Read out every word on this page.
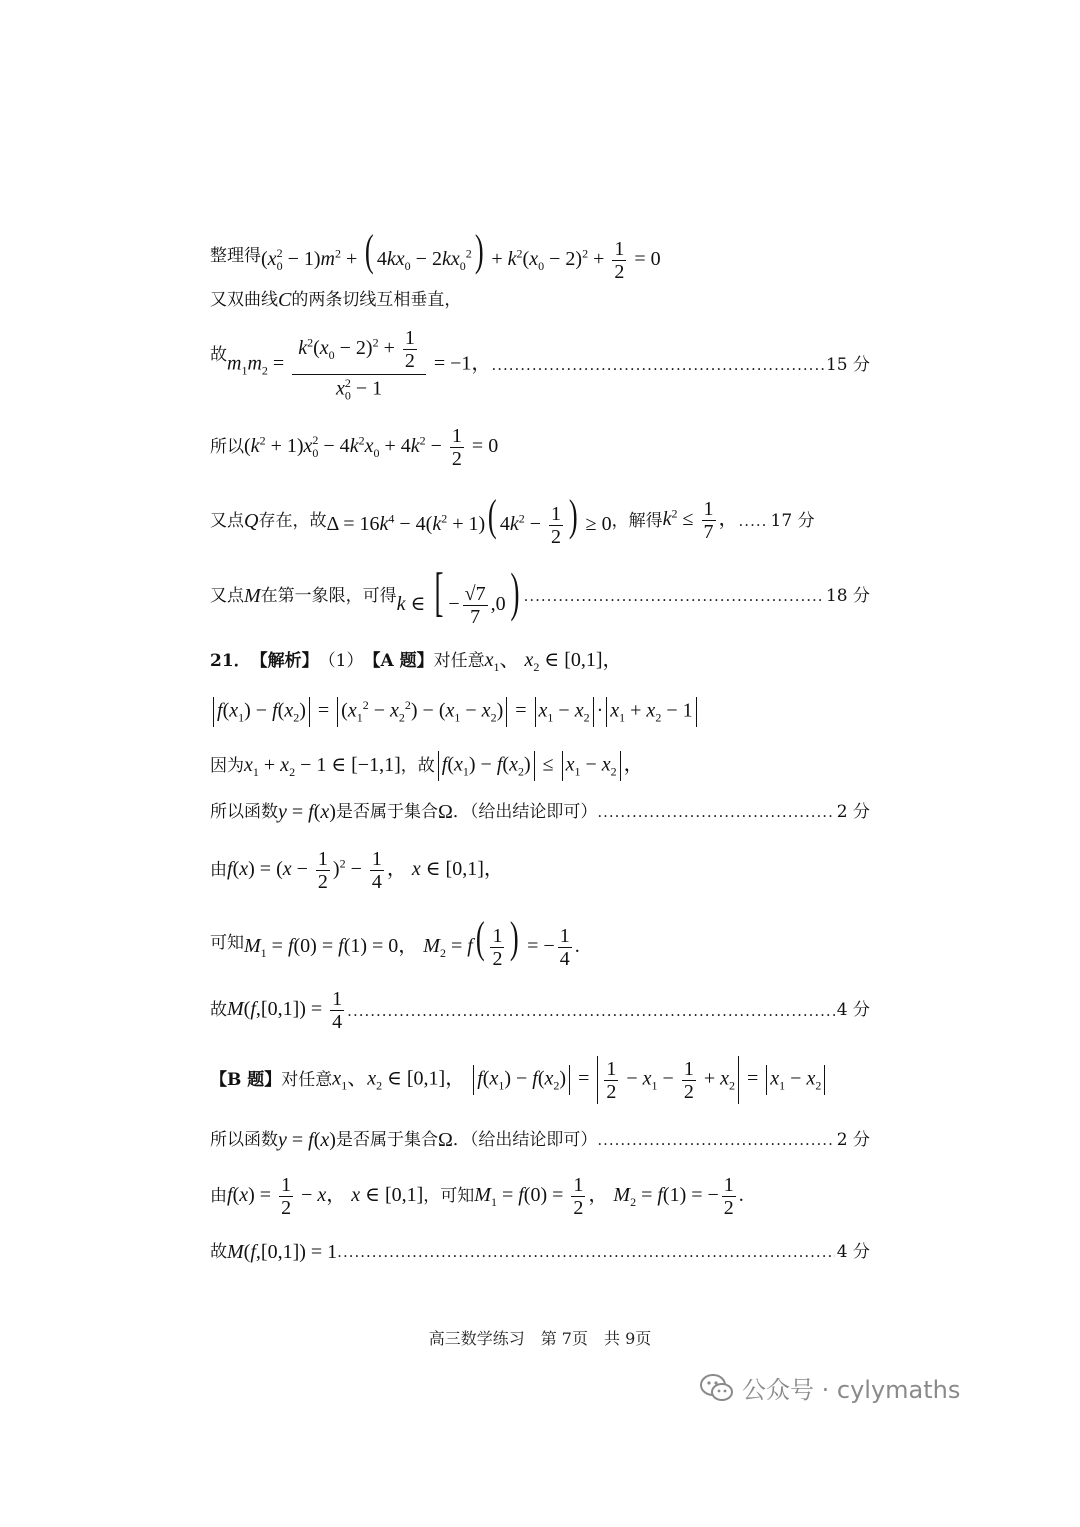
整理得 $(x_0^2 - 1)m^2$ + ( $4kx_0 - 2kx_0^2) + k^2(x_0 - 2)^2 + \frac{1}{2} = 0$
又双曲线 C 的两条切线互相垂直，
故 $m_1m_2 = \frac{k^2(x_0 - 2)^2 + \frac{1}{2}}{x_0^2 - 1} = -1$， .....	15 分
所以 $(k^2 + 1)x_0^2 - 4k^2x_0 + 4k^2 - \frac{1}{2} = 0$
又点 Q 存在，故 $\Delta = 16k^4 - 4(k^2 + 1)$( $4k^2 - \frac{1}{2}$ ) ≥ 0 ，解得 $k^2 \le \frac{1}{7}$ ， ..... 17 分
又点 M 在第一象限，可得 k ∈ [ − $\frac{√7}{7} ,0$) .....	18 分
21． 【解析】 （1） 【A 题】 对任意 $x_1$、 $x_2$ ∈ [0,1]，
$f(x_1) - f(x_2) = (x_1^2 - x_2^2) - (x_1 - x_2) = x_1 - x_2 \cdot x_1 + x_2 - 1$
因为 $x_1 + x_2 - 1$ ∈ [−1,1] ，故 $f(x_1) - f(x_2) \le x_1 - x_2$ ，
所以函数 y = f(x) 是否属于集合 Ω ．（给出结论即可） .....	2 分
由 $f(x) = (x - \frac{1}{2} )^2 - \frac{1}{4}$ ， x ∈ [0,1]，
可知 $M_1 = f(0) = f(1) = 0$， $M_2 = f( \frac{1}{2}$ ) = − $\frac{1}{4}$ .
故 $M(f,[0,1]) = \frac{1}{4}$ .....	4 分
【B 题】 对任意 $x_1$、$x_2$ ∈ [0,1]， $f(x_1) - f(x_2) = \frac{1}{2} - x_1 - \frac{1}{2} + x_2 = x_1 - x_2$
所以函数 y = f(x) 是否属于集合 Ω ．（给出结论即可） .....	2 分
由 $f(x) = \frac{1}{2} - x$， x ∈ [0,1] ，可知 $M_1 = f(0) = \frac{1}{2}$ ， $M_2 = f(1)$ = − $\frac{1}{2}$ .
故 M(f,[0,1]) = 1 .....	4 分
高三数学练习　第 7页　共 9页
公众号 · cylymaths
